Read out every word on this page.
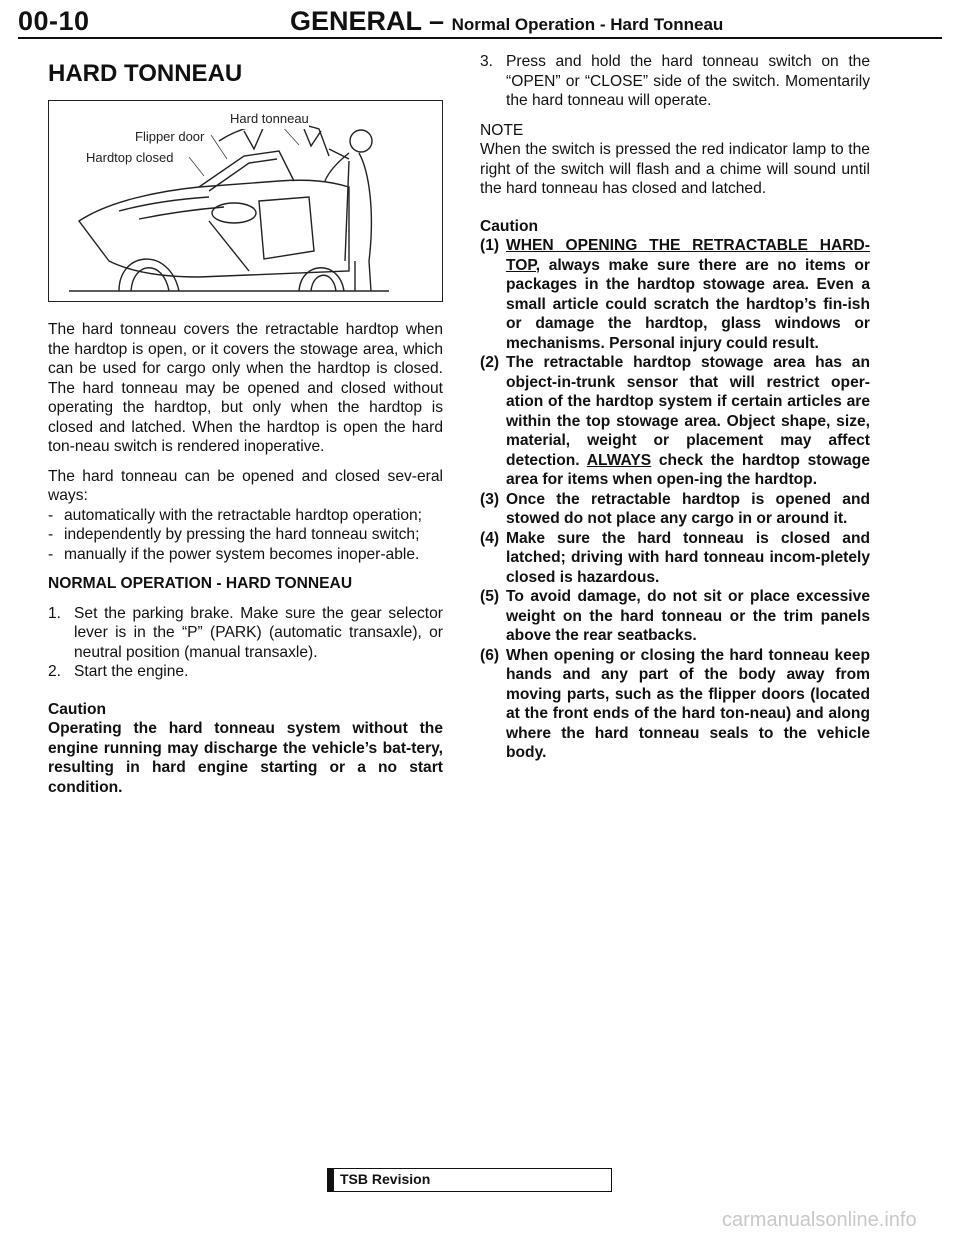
00-10	GENERAL – Normal Operation - Hard Tonneau
HARD TONNEAU
Hard tonneau
Flipper door
Hardtop closed

The hard tonneau covers the retractable hardtop when the hardtop is open, or it covers the stowage area, which can be used for cargo only when the hardtop is closed. The hard tonneau may be opened and closed without operating the hardtop, but only when the hardtop is closed and latched. When the hardtop is open the hard ton-neau switch is rendered inoperative.

The hard tonneau can be opened and closed sev-eral ways:

- automatically with the retractable hardtop operation;
- independently by pressing the hard tonneau switch;
- manually if the power system becomes inoper-able.
NORMAL OPERATION - HARD TONNEAU
1. Set the parking brake. Make sure the gear selector lever is in the “P” (PARK) (automatic transaxle), or neutral position (manual transaxle).
2. Start the engine.
Caution
Operating the hard tonneau system without the engine running may discharge the vehicle’s bat-tery, resulting in hard engine starting or a no start condition.
3. Press and hold the hard tonneau switch on the “OPEN” or “CLOSE” side of the switch. Momentarily the hard tonneau will operate.
NOTE

When the switch is pressed the red indicator lamp to the right of the switch will flash and a chime will sound until the hard tonneau has closed and latched.

Caution
(1) WHEN OPENING THE RETRACTABLE HARD-TOP, always make sure there are no items or packages in the hardtop stowage area. Even a small article could scratch the hardtop’s fin-ish or damage the hardtop, glass windows or mechanisms. Personal injury could result.
(2) The retractable hardtop stowage area has an object-in-trunk sensor that will restrict oper-ation of the hardtop system if certain articles are within the top stowage area. Object shape, size, material, weight or placement may affect detection. ALWAYS check the hardtop stowage area for items when open-ing the hardtop.
(3) Once the retractable hardtop is opened and stowed do not place any cargo in or around it.
(4) Make sure the hard tonneau is closed and latched; driving with hard tonneau incom-pletely closed is hazardous.
(5) To avoid damage, do not sit or place excessive weight on the hard tonneau or the trim panels above the rear seatbacks.
(6) When opening or closing the hard tonneau keep hands and any part of the body away from moving parts, such as the flipper doors (located at the front ends of the hard ton-neau) and along where the hard tonneau seals to the vehicle body.
TSB Revision
carmanualsonline.info
